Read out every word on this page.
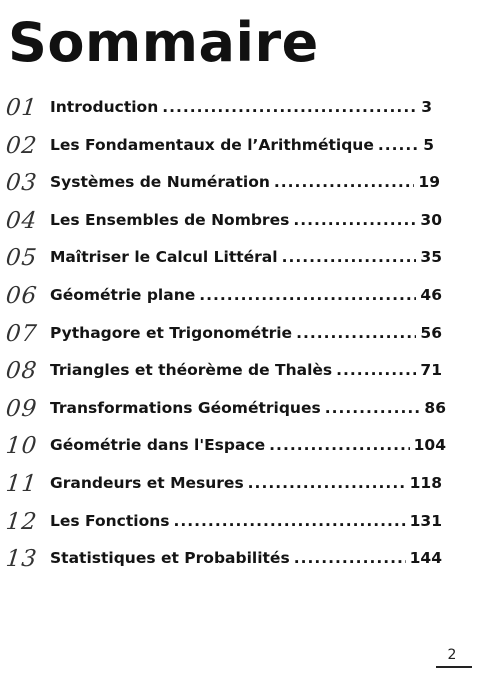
Sommaire
01 Introduction .....	3
02 Les Fondamentaux de l’Arithmétique .....	5
03 Systèmes de Numération .....	19
04 Les Ensembles de Nombres .....	30
05 Maîtriser le Calcul Littéral .....	35
06 Géométrie plane .....	46
07 Pythagore et Trigonométrie .....	56
08 Triangles et théorème de Thalès .....	71
09 Transformations Géométriques .....	86
10 Géométrie dans l'Espace .....	104
11 Grandeurs et Mesures .....	118
12 Les Fonctions .....	131
13 Statistiques et Probabilités .....	144
2
